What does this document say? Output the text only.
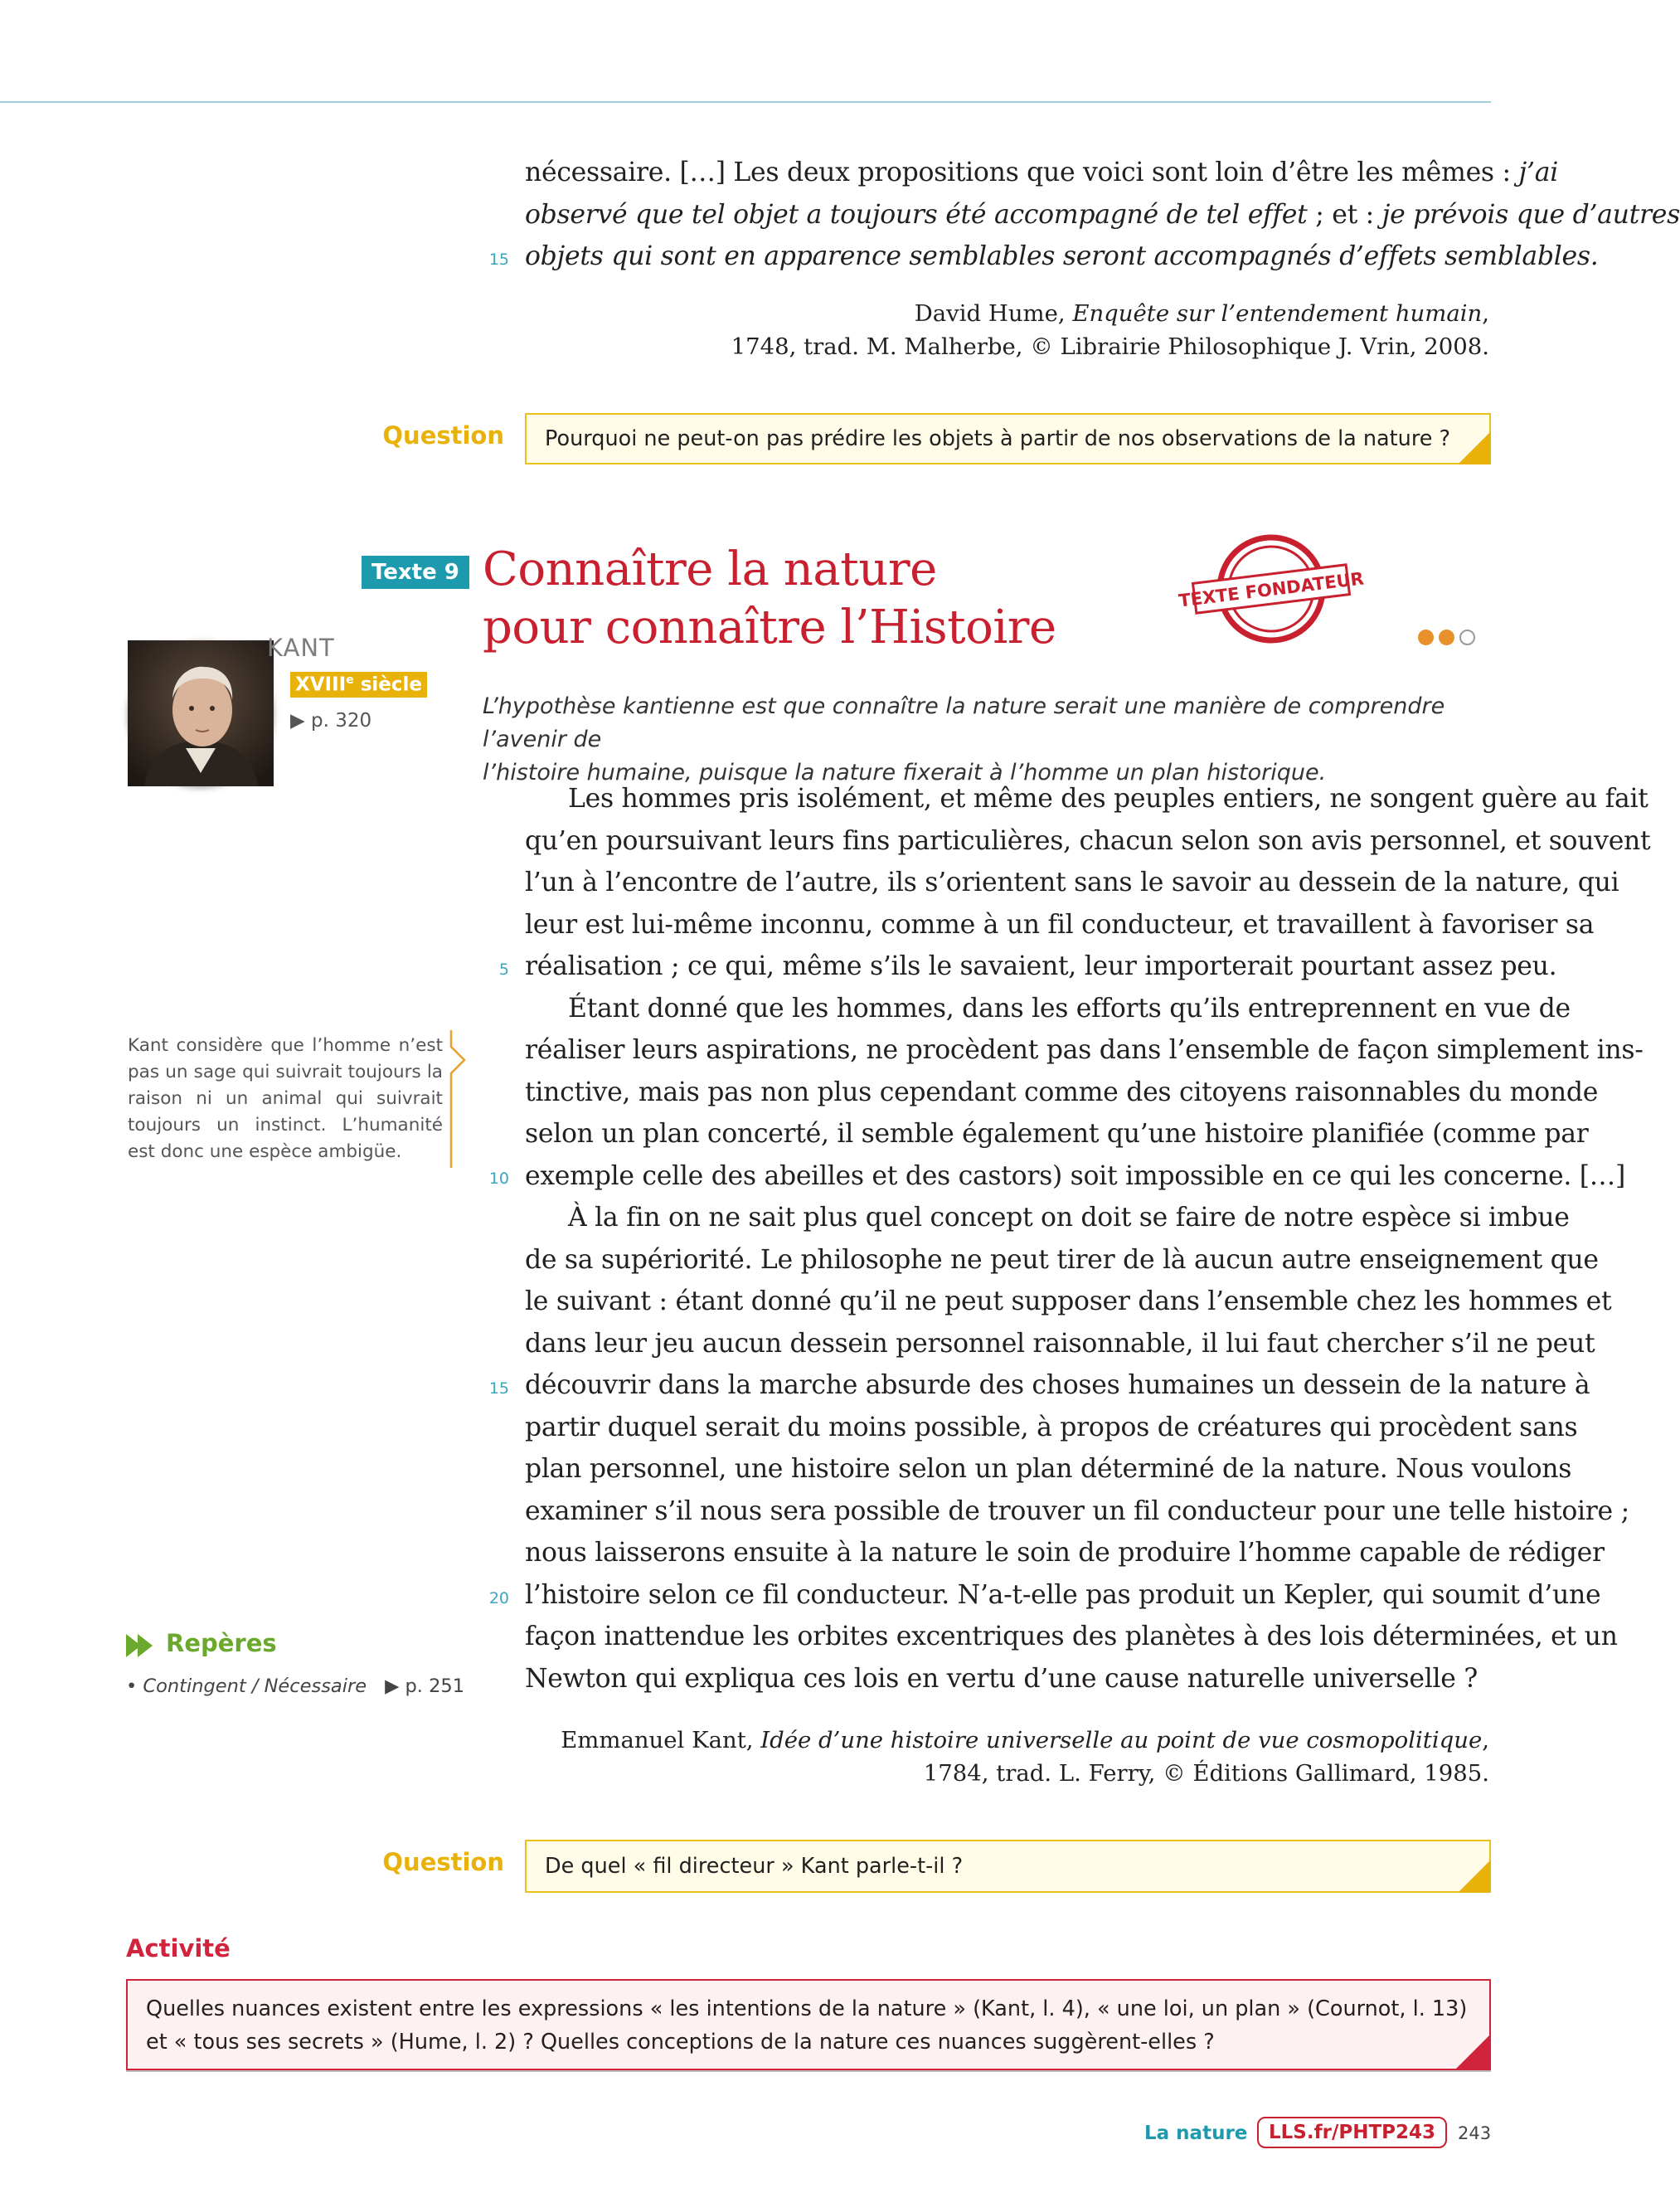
nécessaire. […] Les deux propositions que voici sont loin d’être les mêmes : j’ai
observé que tel objet a toujours été accompagné de tel effet ; et : je prévois que d’autres
objets qui sont en apparence semblables seront accompagnés d’effets semblables.
15
David Hume, Enquête sur l’entendement humain,
1748, trad. M. Malherbe, © Librairie Philosophique J. Vrin, 2008.
Question Pourquoi ne peut-on pas prédire les objets à partir de nos observations de la nature ?
Texte 9 Connaître la nature
pour connaître l’Histoire
TEXTE FONDATEUR
L’hypothèse kantienne est que connaître la nature serait une manière de comprendre l’avenir de
l’histoire humaine, puisque la nature fixerait à l’homme un plan historique.
KANT
XVIIIe siècle
▶ p. 320
Kant considère que l’homme n’est pas un sage qui suivrait toujours la raison ni un animal qui suivrait toujours un instinct. L’humanité est donc une espèce ambigüe.
Les hommes pris isolément, et même des peuples entiers, ne songent guère au fait
qu’en poursuivant leurs fins particulières, chacun selon son avis personnel, et souvent
l’un à l’encontre de l’autre, ils s’orientent sans le savoir au dessein de la nature, qui
leur est lui-même inconnu, comme à un fil conducteur, et travaillent à favoriser sa
réalisation ; ce qui, même s’ils le savaient, leur importerait pourtant assez peu.
Étant donné que les hommes, dans les efforts qu’ils entreprennent en vue de
réaliser leurs aspirations, ne procèdent pas dans l’ensemble de façon simplement ins-
tinctive, mais pas non plus cependant comme des citoyens raisonnables du monde
selon un plan concerté, il semble également qu’une histoire planifiée (comme par
exemple celle des abeilles et des castors) soit impossible en ce qui les concerne. […]
À la fin on ne sait plus quel concept on doit se faire de notre espèce si imbue
de sa supériorité. Le philosophe ne peut tirer de là aucun autre enseignement que
le suivant : étant donné qu’il ne peut supposer dans l’ensemble chez les hommes et
dans leur jeu aucun dessein personnel raisonnable, il lui faut chercher s’il ne peut
découvrir dans la marche absurde des choses humaines un dessein de la nature à
partir duquel serait du moins possible, à propos de créatures qui procèdent sans
plan personnel, une histoire selon un plan déterminé de la nature. Nous voulons
examiner s’il nous sera possible de trouver un fil conducteur pour une telle histoire ;
nous laisserons ensuite à la nature le soin de produire l’homme capable de rédiger
l’histoire selon ce fil conducteur. N’a-t-elle pas produit un Kepler, qui soumit d’une
façon inattendue les orbites excentriques des planètes à des lois déterminées, et un
Newton qui expliqua ces lois en vertu d’une cause naturelle universelle ?
5
10
15
20
Emmanuel Kant, Idée d’une histoire universelle au point de vue cosmopolitique,
1784, trad. L. Ferry, © Éditions Gallimard, 1985.
Repères
• Contingent / Nécessaire ▶ p. 251
Question De quel « fil directeur » Kant parle-t-il ?
Activité
Quelles nuances existent entre les expressions « les intentions de la nature » (Kant, l. 4), « une loi, un plan » (Cournot, l. 13)
et « tous ses secrets » (Hume, l. 2) ? Quelles conceptions de la nature ces nuances suggèrent-elles ?
La nature	LLS.fr/PHTP243	243
